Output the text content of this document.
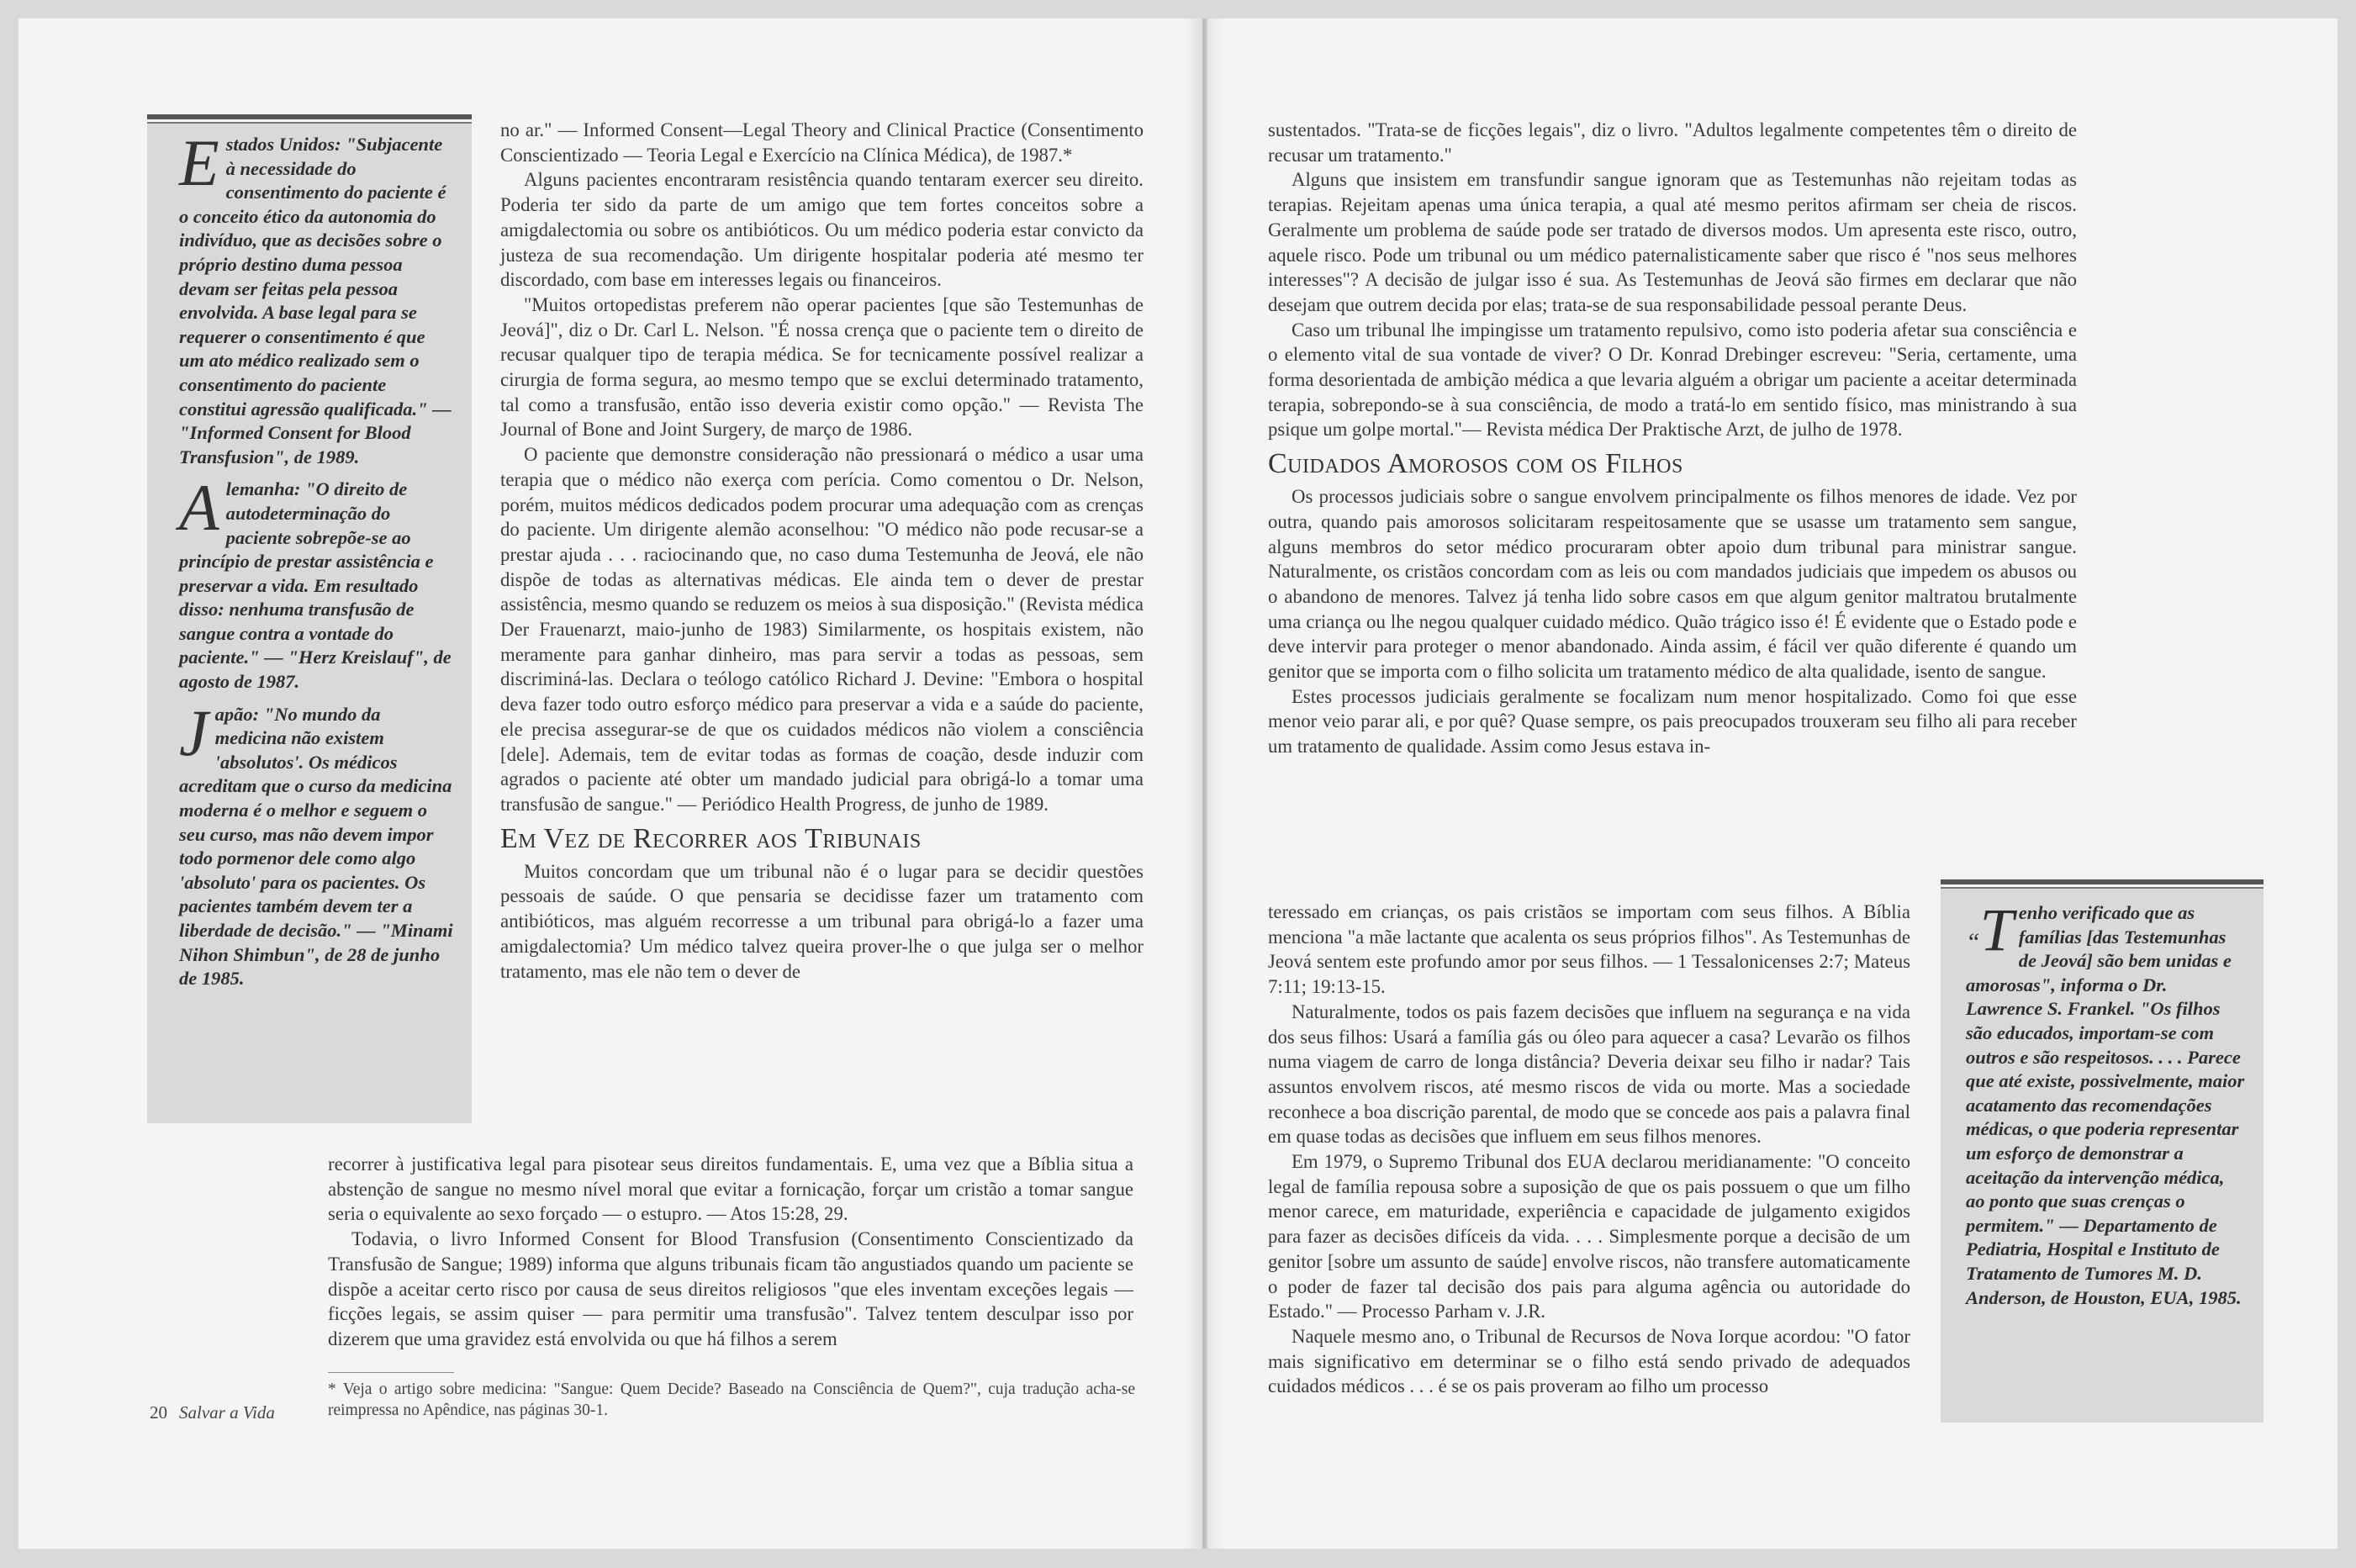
Estados Unidos: "Subjacente à necessidade do consentimento do paciente é o conceito ético da autonomia do indivíduo, que as decisões sobre o próprio destino duma pessoa devam ser feitas pela pessoa envolvida. A base legal para se requerer o consentimento é que um ato médico realizado sem o consentimento do paciente constitui agressão qualificada." — "Informed Consent for Blood Transfusion", de 1989.

Alemanha: "O direito de autodeterminação do paciente sobrepõe-se ao princípio de prestar assistência e preservar a vida. Em resultado disso: nenhuma transfusão de sangue contra a vontade do paciente." — "Herz Kreislauf", de agosto de 1987.

Japão: "No mundo da medicina não existem 'absolutos'. Os médicos acreditam que o curso da medicina moderna é o melhor e seguem o seu curso, mas não devem impor todo pormenor dele como algo 'absoluto' para os pacientes. Os pacientes também devem ter a liberdade de decisão." — "Minami Nihon Shimbun", de 28 de junho de 1985.

no ar." — Informed Consent—Legal Theory and Clinical Practice (Consentimento Conscientizado — Teoria Legal e Exercício na Clínica Médica), de 1987.*

Alguns pacientes encontraram resistência quando tentaram exercer seu direito. Poderia ter sido da parte de um amigo que tem fortes conceitos sobre a amigdalectomia ou sobre os antibióticos. Ou um médico poderia estar convicto da justeza de sua recomendação. Um dirigente hospitalar poderia até mesmo ter discordado, com base em interesses legais ou financeiros.

"Muitos ortopedistas preferem não operar pacientes [que são Testemunhas de Jeová]", diz o Dr. Carl L. Nelson. "É nossa crença que o paciente tem o direito de recusar qualquer tipo de terapia médica. Se for tecnicamente possível realizar a cirurgia de forma segura, ao mesmo tempo que se exclui determinado tratamento, tal como a transfusão, então isso deveria existir como opção." — Revista The Journal of Bone and Joint Surgery, de março de 1986.

O paciente que demonstre consideração não pressionará o médico a usar uma terapia que o médico não exerça com perícia. Como comentou o Dr. Nelson, porém, muitos médicos dedicados podem procurar uma adequação com as crenças do paciente. Um dirigente alemão aconselhou: "O médico não pode recusar-se a prestar ajuda . . . raciocinando que, no caso duma Testemunha de Jeová, ele não dispõe de todas as alternativas médicas. Ele ainda tem o dever de prestar assistência, mesmo quando se reduzem os meios à sua disposição." (Revista médica Der Frauenarzt, maio-junho de 1983) Similarmente, os hospitais existem, não meramente para ganhar dinheiro, mas para servir a todas as pessoas, sem discriminá-las. Declara o teólogo católico Richard J. Devine: "Embora o hospital deva fazer todo outro esforço médico para preservar a vida e a saúde do paciente, ele precisa assegurar-se de que os cuidados médicos não violem a consciência [dele]. Ademais, tem de evitar todas as formas de coação, desde induzir com agrados o paciente até obter um mandado judicial para obrigá-lo a tomar uma transfusão de sangue." — Periódico Health Progress, de junho de 1989.

Em Vez de Recorrer aos Tribunais

Muitos concordam que um tribunal não é o lugar para se decidir questões pessoais de saúde. O que pensaria se decidisse fazer um tratamento com antibióticos, mas alguém recorresse a um tribunal para obrigá-lo a fazer uma amigdalectomia? Um médico talvez queira prover-lhe o que julga ser o melhor tratamento, mas ele não tem o dever de

recorrer à justificativa legal para pisotear seus direitos fundamentais. E, uma vez que a Bíblia situa a abstenção de sangue no mesmo nível moral que evitar a fornicação, forçar um cristão a tomar sangue seria o equivalente ao sexo forçado — o estupro. — Atos 15:28, 29.

Todavia, o livro Informed Consent for Blood Transfusion (Consentimento Conscientizado da Transfusão de Sangue; 1989) informa que alguns tribunais ficam tão angustiados quando um paciente se dispõe a aceitar certo risco por causa de seus direitos religiosos "que eles inventam exceções legais — ficções legais, se assim quiser — para permitir uma transfusão". Talvez tentem desculpar isso por dizerem que uma gravidez está envolvida ou que há filhos a serem

* Veja o artigo sobre medicina: "Sangue: Quem Decide? Baseado na Consciência de Quem?", cuja tradução acha-se reimpressa no Apêndice, nas páginas 30-1.
20 Salvar a Vida

sustentados. "Trata-se de ficções legais", diz o livro. "Adultos legalmente competentes têm o direito de recusar um tratamento."

Alguns que insistem em transfundir sangue ignoram que as Testemunhas não rejeitam todas as terapias. Rejeitam apenas uma única terapia, a qual até mesmo peritos afirmam ser cheia de riscos. Geralmente um problema de saúde pode ser tratado de diversos modos. Um apresenta este risco, outro, aquele risco. Pode um tribunal ou um médico paternalisticamente saber que risco é "nos seus melhores interesses"? A decisão de julgar isso é sua. As Testemunhas de Jeová são firmes em declarar que não desejam que outrem decida por elas; trata-se de sua responsabilidade pessoal perante Deus.

Caso um tribunal lhe impingisse um tratamento repulsivo, como isto poderia afetar sua consciência e o elemento vital de sua vontade de viver? O Dr. Konrad Drebinger escreveu: "Seria, certamente, uma forma desorientada de ambição médica a que levaria alguém a obrigar um paciente a aceitar determinada terapia, sobrepondo-se à sua consciência, de modo a tratá-lo em sentido físico, mas ministrando à sua psique um golpe mortal."— Revista médica Der Praktische Arzt, de julho de 1978.

Cuidados Amorosos com os Filhos

Os processos judiciais sobre o sangue envolvem principalmente os filhos menores de idade. Vez por outra, quando pais amorosos solicitaram respeitosamente que se usasse um tratamento sem sangue, alguns membros do setor médico procuraram obter apoio dum tribunal para ministrar sangue. Naturalmente, os cristãos concordam com as leis ou com mandados judiciais que impedem os abusos ou o abandono de menores. Talvez já tenha lido sobre casos em que algum genitor maltratou brutalmente uma criança ou lhe negou qualquer cuidado médico. Quão trágico isso é! É evidente que o Estado pode e deve intervir para proteger o menor abandonado. Ainda assim, é fácil ver quão diferente é quando um genitor que se importa com o filho solicita um tratamento médico de alta qualidade, isento de sangue.

Estes processos judiciais geralmente se focalizam num menor hospitalizado. Como foi que esse menor veio parar ali, e por quê? Quase sempre, os pais preocupados trouxeram seu filho ali para receber um tratamento de qualidade. Assim como Jesus estava in-

teressado em crianças, os pais cristãos se importam com seus filhos. A Bíblia menciona "a mãe lactante que acalenta os seus próprios filhos". As Testemunhas de Jeová sentem este profundo amor por seus filhos. — 1 Tessalonicenses 2:7; Mateus 7:11; 19:13-15.

Naturalmente, todos os pais fazem decisões que influem na segurança e na vida dos seus filhos: Usará a família gás ou óleo para aquecer a casa? Levarão os filhos numa viagem de carro de longa distância? Deveria deixar seu filho ir nadar? Tais assuntos envolvem riscos, até mesmo riscos de vida ou morte. Mas a sociedade reconhece a boa discrição parental, de modo que se concede aos pais a palavra final em quase todas as decisões que influem em seus filhos menores.

Em 1979, o Supremo Tribunal dos EUA declarou meridianamente: "O conceito legal de família repousa sobre a suposição de que os pais possuem o que um filho menor carece, em maturidade, experiência e capacidade de julgamento exigidos para fazer as decisões difíceis da vida. . . . Simplesmente porque a decisão de um genitor [sobre um assunto de saúde] envolve riscos, não transfere automaticamente o poder de fazer tal decisão dos pais para alguma agência ou autoridade do Estado." — Processo Parham v. J.R.

Naquele mesmo ano, o Tribunal de Recursos de Nova Iorque acordou: "O fator mais significativo em determinar se o filho está sendo privado de adequados cuidados médicos . . . é se os pais proveram ao filho um processo

“T enho verificado que as famílias [das Testemunhas de Jeová] são bem unidas e amorosas", informa o Dr. Lawrence S. Frankel. "Os filhos são educados, importam-se com outros e são respeitosos. . . . Parece que até existe, possivelmente, maior acatamento das recomendações médicas, o que poderia representar um esforço de demonstrar a aceitação da intervenção médica, ao ponto que suas crenças o permitem." — Departamento de Pediatria, Hospital e Instituto de Tratamento de Tumores M. D. Anderson, de Houston, EUA, 1985.
